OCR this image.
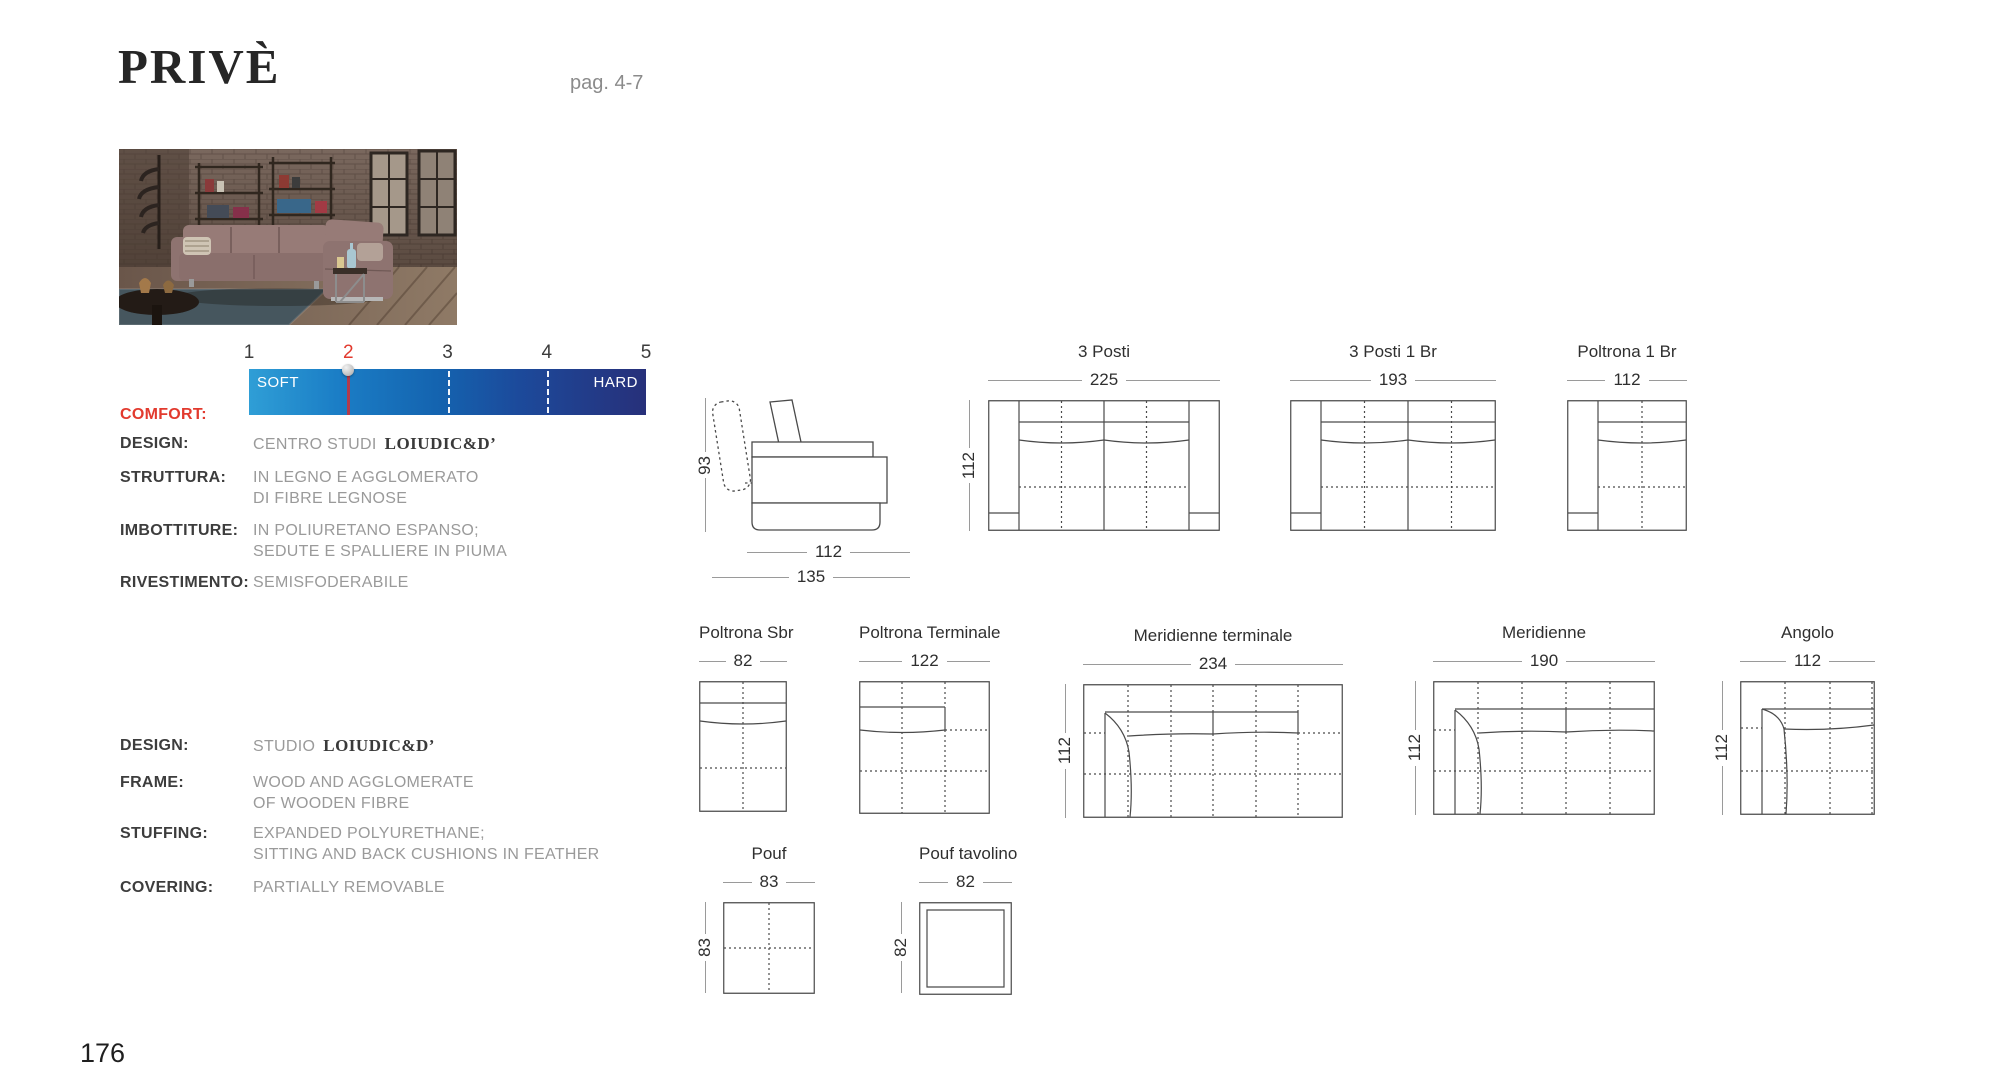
PRIVÈ	pag. 4-7
1	2	3	4	5
SOFT	HARD
COMFORT:
DESIGN:	CENTRO STUDI LOIUDIC&D’
STRUTTURA:	IN LEGNO E AGGLOMERATO
DI FIBRE LEGNOSE
IMBOTTITURE: IN POLIURETANO ESPANSO;
SEDUTE E SPALLIERE IN PIUMA
RIVESTIMENTO: SEMISFODERABILE
DESIGN:	STUDIO LOIUDIC&D’
FRAME:	WOOD AND AGGLOMERATE
OF WOODEN FIBRE
STUFFING:	EXPANDED POLYURETHANE;
SITTING AND BACK CUSHIONS IN FEATHER
COVERING:	PARTIALLY REMOVABLE
93
112
135
112
3 Posti
225
3 Posti 1 Br
193
Poltrona 1 Br
112
Poltrona Sbr
82
Poltrona Terminale
122
112
Meridienne terminale
234
112
Meridienne
190
112
Angolo
112
83
Pouf
83
82
Pouf tavolino
82
176
